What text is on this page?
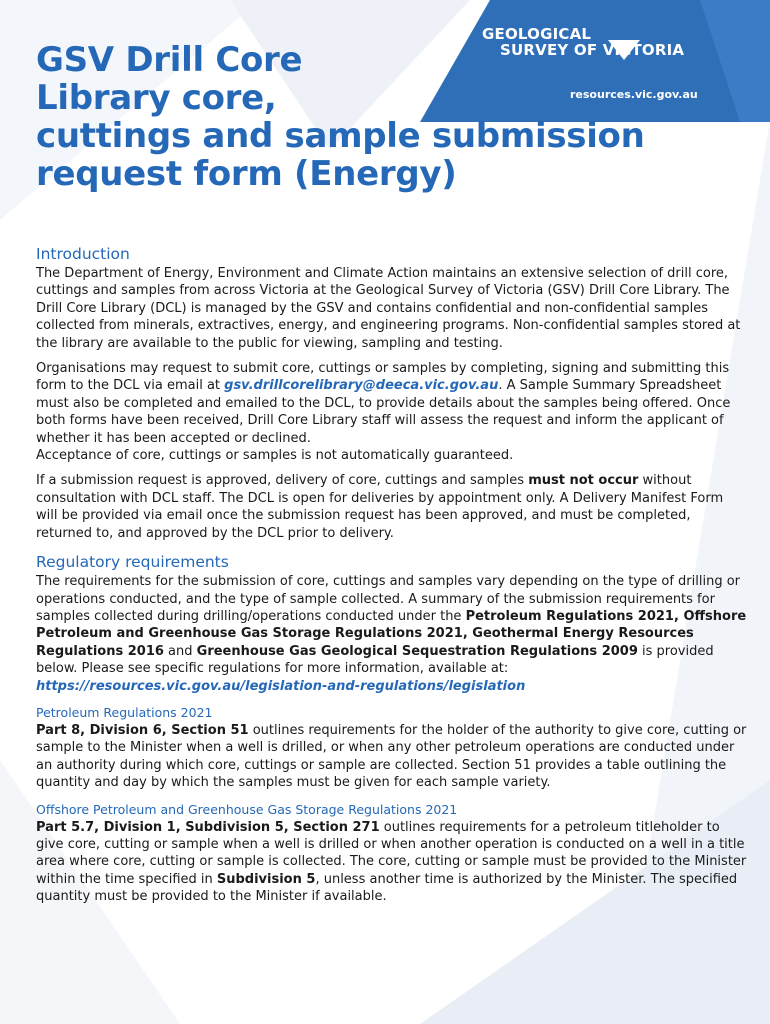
GEOLOGICAL
SURVEY OF VICTORIA
resources.vic.gov.au
GSV Drill Core
Library core,
cuttings and sample submission
request form (Energy)
Introduction

The Department of Energy, Environment and Climate Action maintains an extensive selection of drill core, cuttings and samples from across Victoria at the Geological Survey of Victoria (GSV) Drill Core Library. The Drill Core Library (DCL) is managed by the GSV and contains confidential and non-confidential samples collected from minerals, extractives, energy, and engineering programs. Non-confidential samples stored at the library are available to the public for viewing, sampling and testing.

Organisations may request to submit core, cuttings or samples by completing, signing and submitting this form to the DCL via email at gsv.drillcorelibrary@deeca.vic.gov.au. A Sample Summary Spreadsheet must also be completed and emailed to the DCL, to provide details about the samples being offered. Once both forms have been received, Drill Core Library staff will assess the request and inform the applicant of whether it has been accepted or declined.
Acceptance of core, cuttings or samples is not automatically guaranteed.

If a submission request is approved, delivery of core, cuttings and samples must not occur without consultation with DCL staff. The DCL is open for deliveries by appointment only. A Delivery Manifest Form will be provided via email once the submission request has been approved, and must be completed, returned to, and approved by the DCL prior to delivery.

Regulatory requirements

The requirements for the submission of core, cuttings and samples vary depending on the type of drilling or operations conducted, and the type of sample collected. A summary of the submission requirements for samples collected during drilling/operations conducted under the Petroleum Regulations 2021, Offshore Petroleum and Greenhouse Gas Storage Regulations 2021, Geothermal Energy Resources Regulations 2016 and Greenhouse Gas Geological Sequestration Regulations 2009 is provided below. Please see specific regulations for more information, available at:
https://resources.vic.gov.au/legislation-and-regulations/legislation

Petroleum Regulations 2021

Part 8, Division 6, Section 51 outlines requirements for the holder of the authority to give core, cutting or sample to the Minister when a well is drilled, or when any other petroleum operations are conducted under an authority during which core, cuttings or sample are collected. Section 51 provides a table outlining the quantity and day by which the samples must be given for each sample variety.

Offshore Petroleum and Greenhouse Gas Storage Regulations 2021

Part 5.7, Division 1, Subdivision 5, Section 271 outlines requirements for a petroleum titleholder to give core, cutting or sample when a well is drilled or when another operation is conducted on a well in a title area where core, cutting or sample is collected. The core, cutting or sample must be provided to the Minister within the time specified in Subdivision 5, unless another time is authorized by the Minister. The specified quantity must be provided to the Minister if available.
